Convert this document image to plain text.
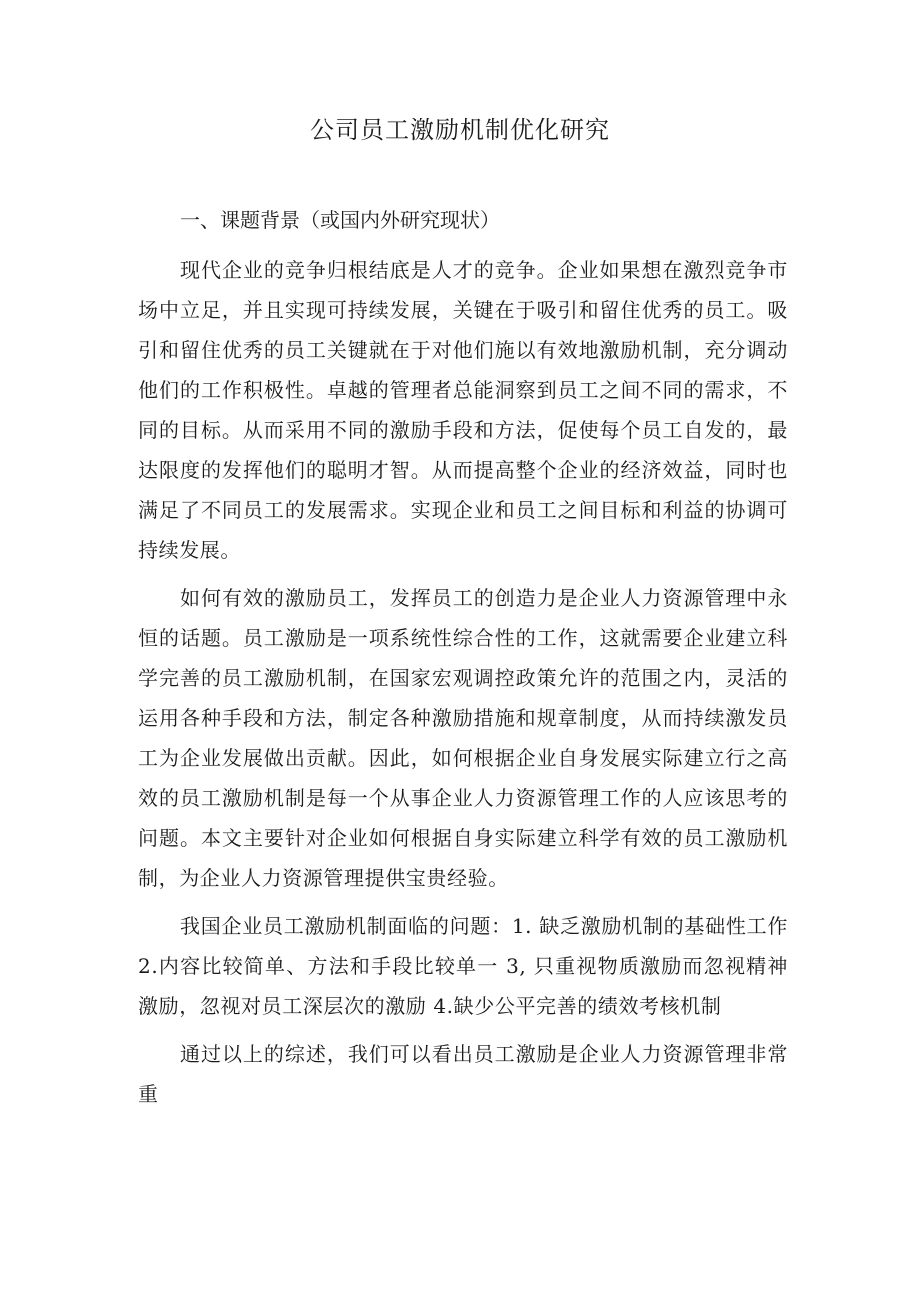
公司员工激励机制优化研究
一、课题背景（或国内外研究现状）

现代企业的竞争归根结底是人才的竞争。企业如果想在激烈竞争市场中立足，并且实现可持续发展，关键在于吸引和留住优秀的员工。吸引和留住优秀的员工关键就在于对他们施以有效地激励机制，充分调动他们的工作积极性。卓越的管理者总能洞察到员工之间不同的需求，不同的目标。从而采用不同的激励手段和方法，促使每个员工自发的，最达限度的发挥他们的聪明才智。从而提高整个企业的经济效益，同时也满足了不同员工的发展需求。实现企业和员工之间目标和利益的协调可持续发展。

如何有效的激励员工，发挥员工的创造力是企业人力资源管理中永恒的话题。员工激励是一项系统性综合性的工作，这就需要企业建立科学完善的员工激励机制，在国家宏观调控政策允许的范围之内，灵活的运用各种手段和方法，制定各种激励措施和规章制度，从而持续激发员工为企业发展做出贡献。因此，如何根据企业自身发展实际建立行之高效的员工激励机制是每一个从事企业人力资源管理工作的人应该思考的问题。本文主要针对企业如何根据自身实际建立科学有效的员工激励机制，为企业人力资源管理提供宝贵经验。

我国企业员工激励机制面临的问题：1. 缺乏激励机制的基础性工作 2.内容比较简单、方法和手段比较单一 3, 只重视物质激励而忽视精神激励，忽视对员工深层次的激励 4.缺少公平完善的绩效考核机制

通过以上的综述，我们可以看出员工激励是企业人力资源管理非常重
